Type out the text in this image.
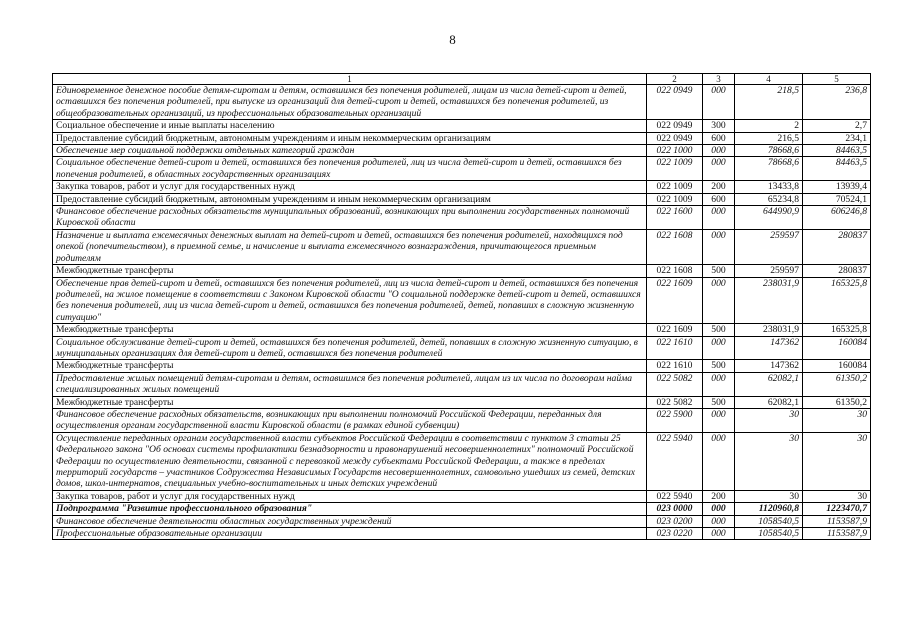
8
1	2	3	4	5
Единовременное денежное пособие детям-сиротам и детям, оставшимся без попечения родителей, лицам из числа детей-сирот и детей, оставшихся без попечения родителей, при выпуске из организаций для детей-сирот и детей, оставшихся без попечения родителей, из общеобразовательных организаций, из профессиональных образовательных организаций	022 0949	000	218,5	236,8
Социальное обеспечение и иные выплаты населению	022 0949	300	2	2,7
Предоставление субсидий бюджетным, автономным учреждениям и иным некоммерческим организациям	022 0949	600	216,5	234,1
Обеспечение мер социальной поддержки отдельных категорий граждан	022 1000	000	78668,6	84463,5
Социальное обеспечение детей-сирот и детей, оставшихся без попечения родителей, лиц из числа детей-сирот и детей, оставшихся без попечения родителей, в областных государственных организациях	022 1009	000	78668,6	84463,5
Закупка товаров, работ и услуг для государственных нужд	022 1009	200	13433,8	13939,4
Предоставление субсидий бюджетным, автономным учреждениям и иным некоммерческим организациям	022 1009	600	65234,8	70524,1
Финансовое обеспечение расходных обязательств муниципальных образований, возникающих при выполнении государственных полномочий Кировской области	022 1600	000	644990,9	606246,8
Назначение и выплата ежемесячных денежных выплат на детей-сирот и детей, оставшихся без попечения родителей, находящихся под опекой (попечительством), в приемной семье, и начисление и выплата ежемесячного вознаграждения, причитающегося приемным родителям	022 1608	000	259597	280837
Межбюджетные трансферты	022 1608	500	259597	280837
Обеспечение прав детей-сирот и детей, оставшихся без попечения родителей, лиц из числа детей-сирот и детей, оставшихся без попечения родителей, на жилое помещение в соответствии с Законом Кировской области "О социальной поддержке детей-сирот и детей, оставшихся без попечения родителей, лиц из числа детей-сирот и детей, оставшихся без попечения родителей, детей, попавших в сложную жизненную ситуацию"	022 1609	000	238031,9	165325,8
Межбюджетные трансферты	022 1609	500	238031,9	165325,8
Социальное обслуживание детей-сирот и детей, оставшихся без попечения родителей, детей, попавших в сложную жизненную ситуацию, в муниципальных организациях для детей-сирот и детей, оставшихся без попечения родителей	022 1610	000	147362	160084
Межбюджетные трансферты	022 1610	500	147362	160084
Предоставление жилых помещений детям-сиротам и детям, оставшимся без попечения родителей, лицам из их числа по договорам найма специализированных жилых помещений	022 5082	000	62082,1	61350,2
Межбюджетные трансферты	022 5082	500	62082,1	61350,2
Финансовое обеспечение расходных обязательств, возникающих при выполнении полномочий Российской Федерации, переданных для осуществления органам государственной власти Кировской области (в рамках единой субвенции)	022 5900	000	30	30
Осуществление переданных органам государственной власти субъектов Российской Федерации в соответствии с пунктом 3 статьи 25 Федерального закона "Об основах системы профилактики безнадзорности и правонарушений несовершеннолетних" полномочий Российской Федерации по осуществлению деятельности, связанной с перевозкой между субъектами Российской Федерации, а также в пределах территорий государств – участников Содружества Независимых Государств несовершеннолетних, самовольно ушедших из семей, детских домов, школ-интернатов, специальных учебно-воспитательных и иных детских учреждений	022 5940	000	30	30
Закупка товаров, работ и услуг для государственных нужд	022 5940	200	30	30
Подпрограмма "Развитие профессионального образования"	023 0000	000	1120960,8	1223470,7
Финансовое обеспечение деятельности областных государственных учреждений	023 0200	000	1058540,5	1153587,9
Профессиональные образовательные организации	023 0220	000	1058540,5	1153587,9
